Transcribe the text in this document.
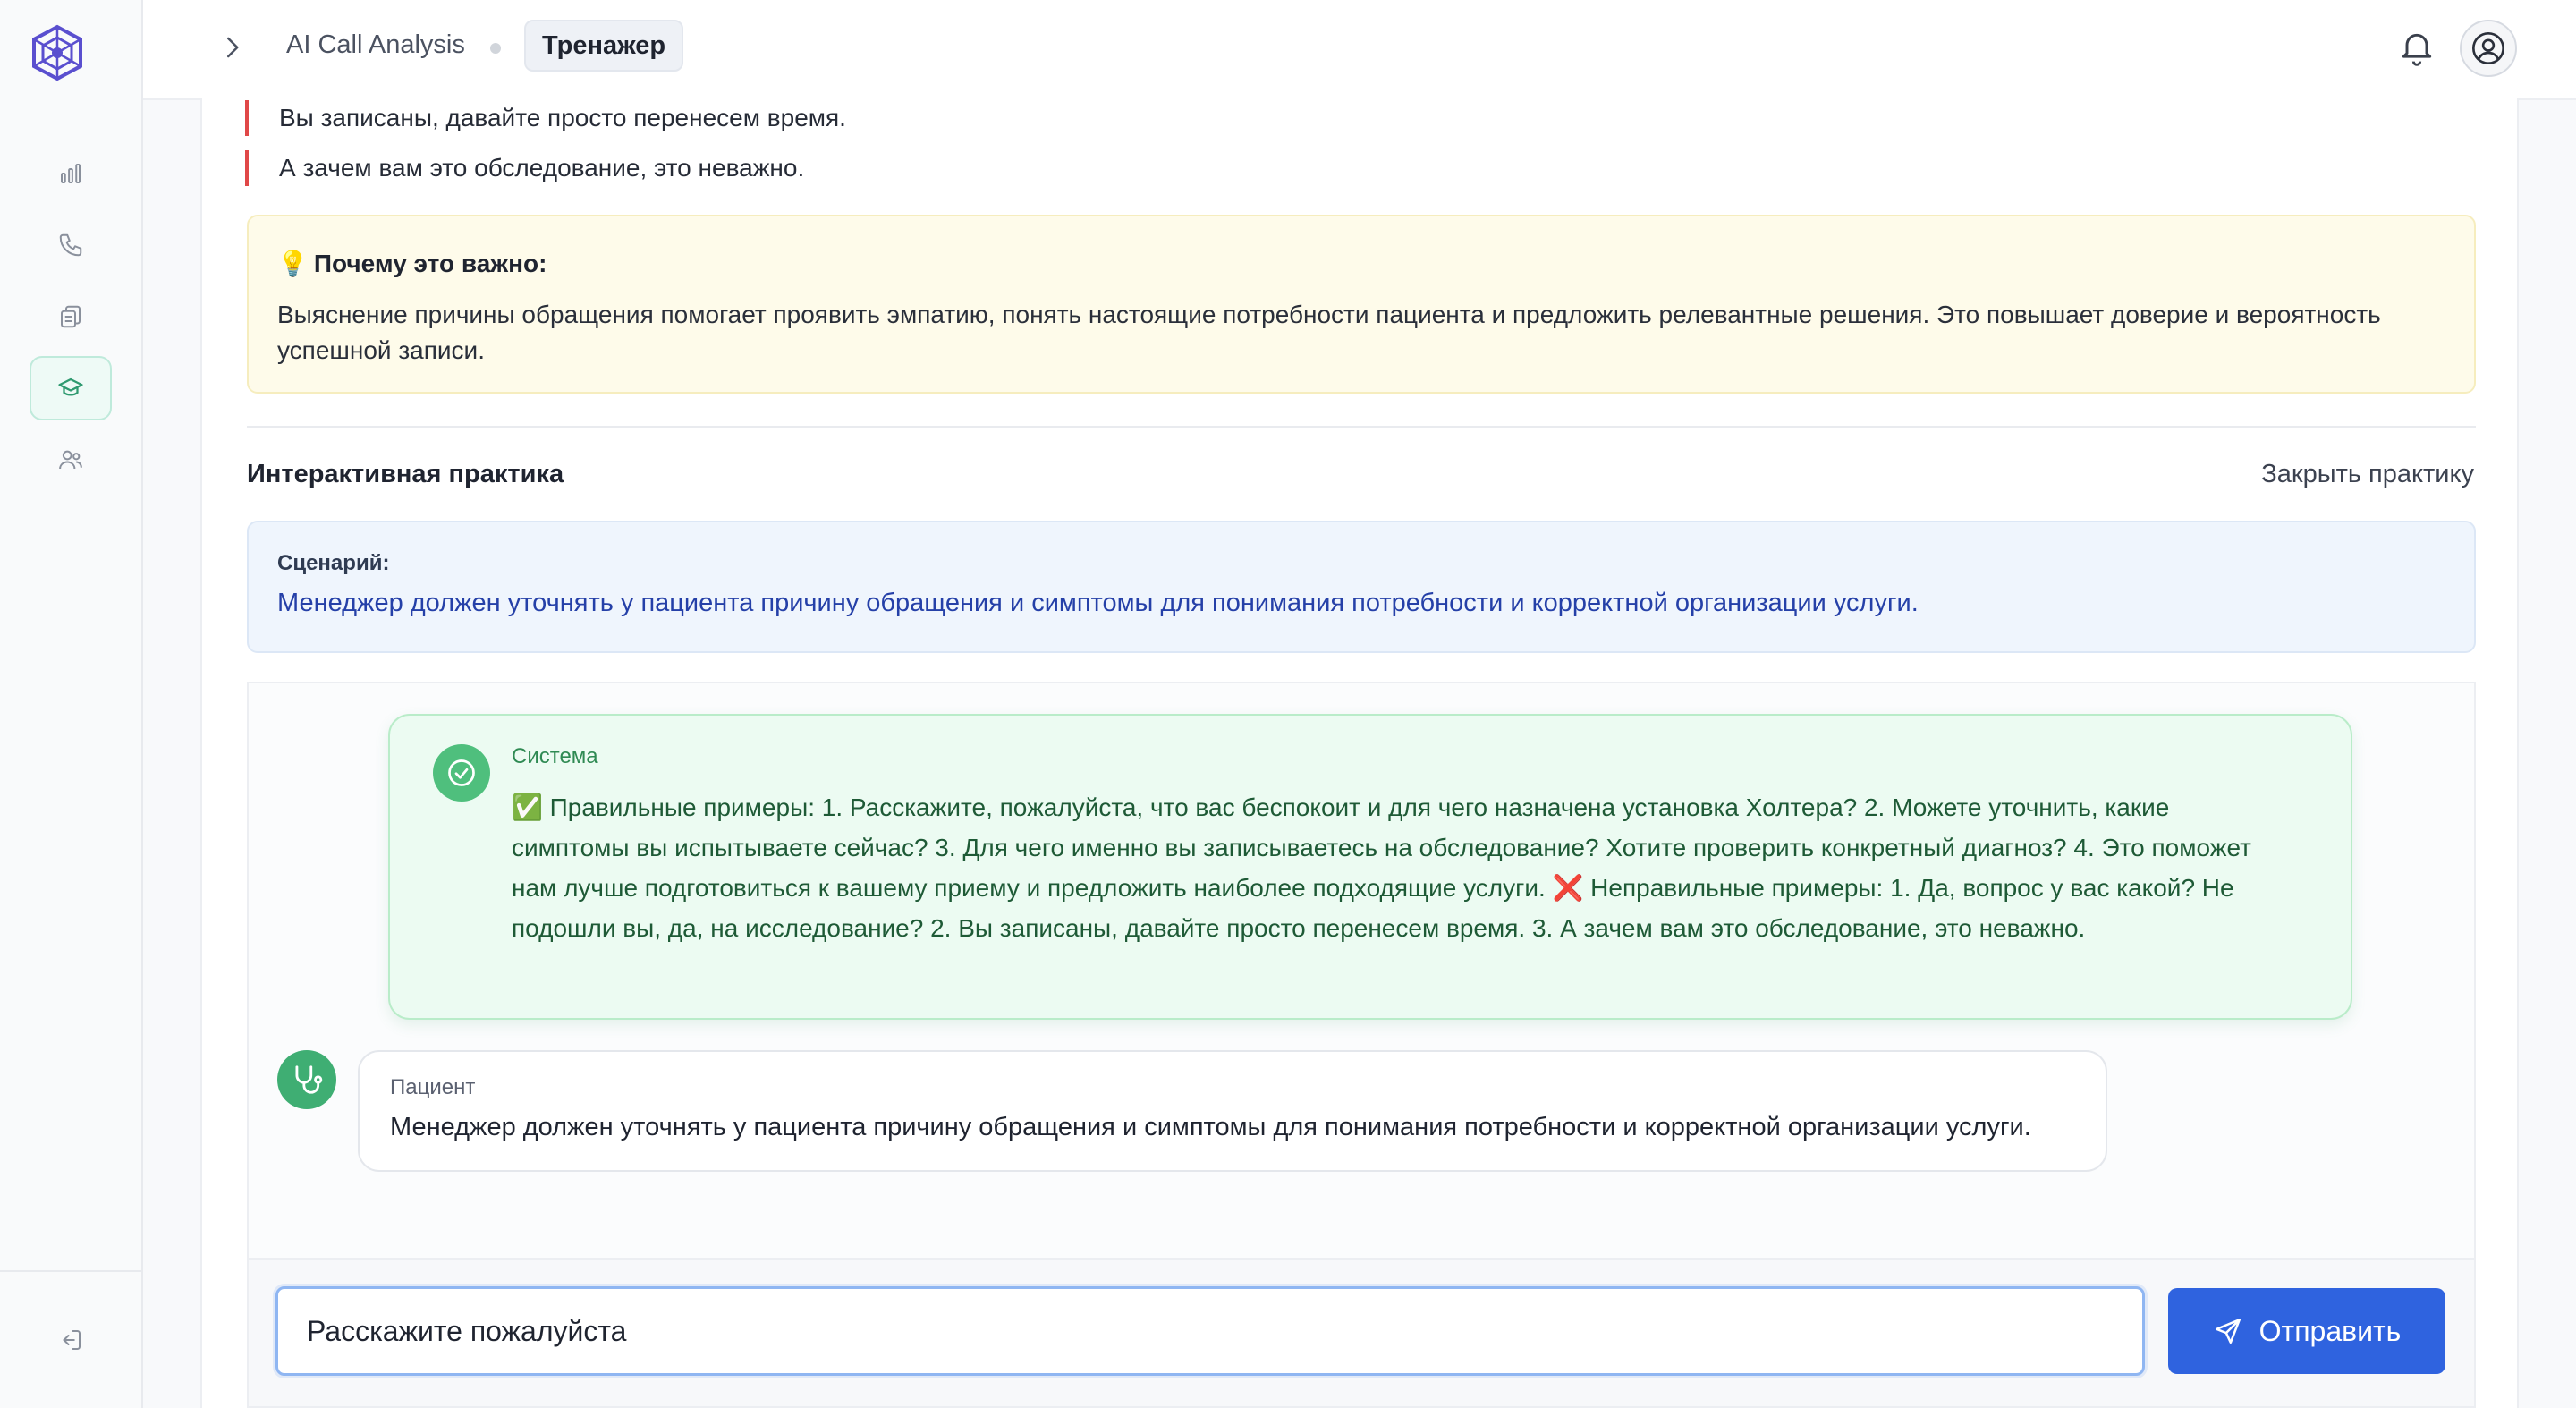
AI Call Analysis	Тренажер
Вы записаны, давайте просто перенесем время.
А зачем вам это обследование, это неважно.
💡 Почему это важно:
Выяснение причины обращения помогает проявить эмпатию, понять настоящие потребности пациента и предложить релевантные решения. Это повышает доверие и вероятность успешной записи.
Интерактивная практика	Закрыть практику
Сценарий:
Менеджер должен уточнять у пациента причину обращения и симптомы для понимания потребности и корректной организации услуги.
Система
✅ Правильные примеры: 1. Расскажите, пожалуйста, что вас беспокоит и для чего назначена установка Холтера? 2. Можете уточнить, какие симптомы вы испытываете сейчас? 3. Для чего именно вы записываетесь на обследование? Хотите проверить конкретный диагноз? 4. Это поможет нам лучше подготовиться к вашему приему и предложить наиболее подходящие услуги. ❌ Неправильные примеры: 1. Да, вопрос у вас какой? Не подошли вы, да, на исследование? 2. Вы записаны, давайте просто перенесем время. 3. А зачем вам это обследование, это неважно.
Пациент
Менеджер должен уточнять у пациента причину обращения и симптомы для понимания потребности и корректной организации услуги.
Расскажите пожалуйста
Отправить
